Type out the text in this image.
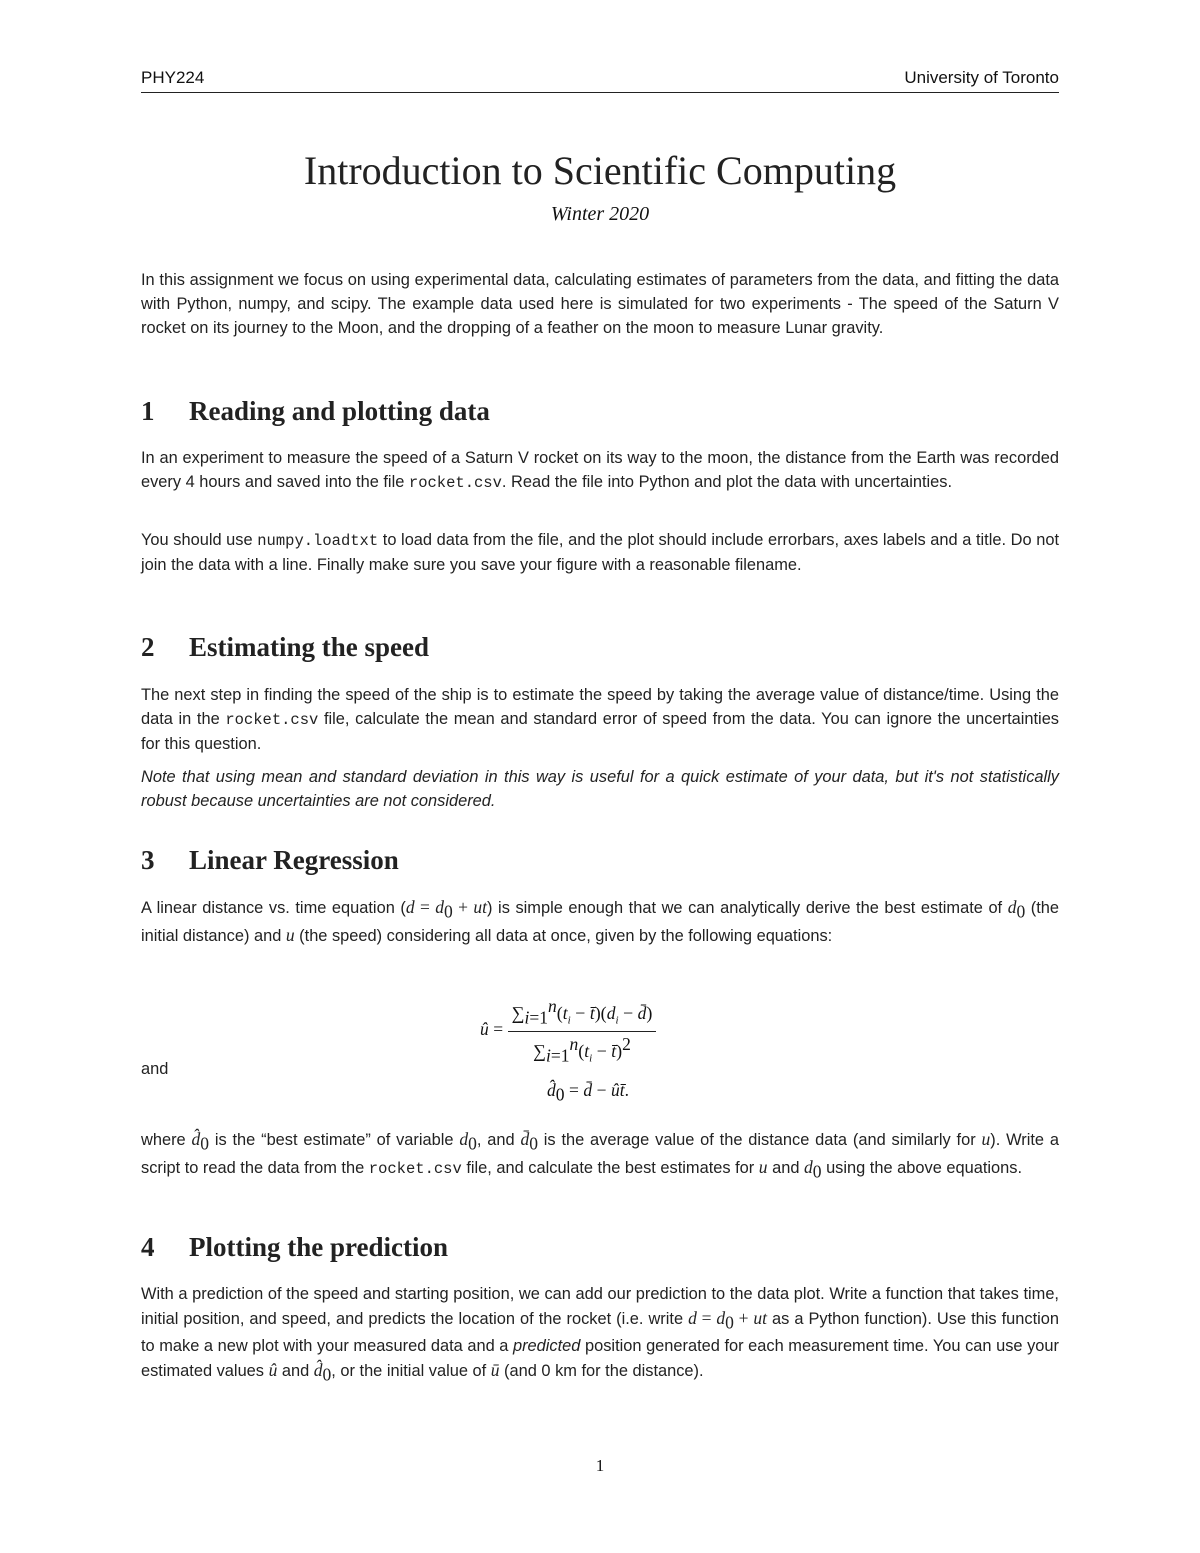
PHY224	University of Toronto
Introduction to Scientific Computing
Winter 2020

In this assignment we focus on using experimental data, calculating estimates of parameters from the data, and fitting the data with Python, numpy, and scipy. The example data used here is simulated for two experiments - The speed of the Saturn V rocket on its journey to the Moon, and the dropping of a feather on the moon to measure Lunar gravity.

1 Reading and plotting data

In an experiment to measure the speed of a Saturn V rocket on its way to the moon, the distance from the Earth was recorded every 4 hours and saved into the file rocket.csv. Read the file into Python and plot the data with uncertainties.

You should use numpy.loadtxt to load data from the file, and the plot should include errorbars, axes labels and a title. Do not join the data with a line. Finally make sure you save your figure with a reasonable filename.

2 Estimating the speed

The next step in finding the speed of the ship is to estimate the speed by taking the average value of distance/time. Using the data in the rocket.csv file, calculate the mean and standard error of speed from the data. You can ignore the uncertainties for this question.

Note that using mean and standard deviation in this way is useful for a quick estimate of your data, but it's not statistically robust because uncertainties are not considered.

3 Linear Regression

A linear distance vs. time equation $(d = d_0 + ut)$ is simple enough that we can analytically derive the best estimate of $d_0$ (the initial distance) and u (the speed) considering all data at once, given by the following equations:

û = $\frac{\sum_{i=1}^n(t_i - t̄)(d_i - d̄)}{\sum_{i=1}^n(t_i - t̄)^2}$

and

$d̂_0$ = d̄ − ût̄.

where $d̂_0$ is the “best estimate” of variable $d_0$, and $d̄_0$ is the average value of the distance data (and similarly for u). Write a script to read the data from the rocket.csv file, and calculate the best estimates for u and $d_0$ using the above equations.

4 Plotting the prediction

With a prediction of the speed and starting position, we can add our prediction to the data plot. Write a function that takes time, initial position, and speed, and predicts the location of the rocket (i.e. write $d = d_0$ + ut as a Python function). Use this function to make a new plot with your measured data and a predicted position generated for each measurement time. You can use your estimated values û and $d̂_0$, or the initial value of ū (and 0 km for the distance).

1
